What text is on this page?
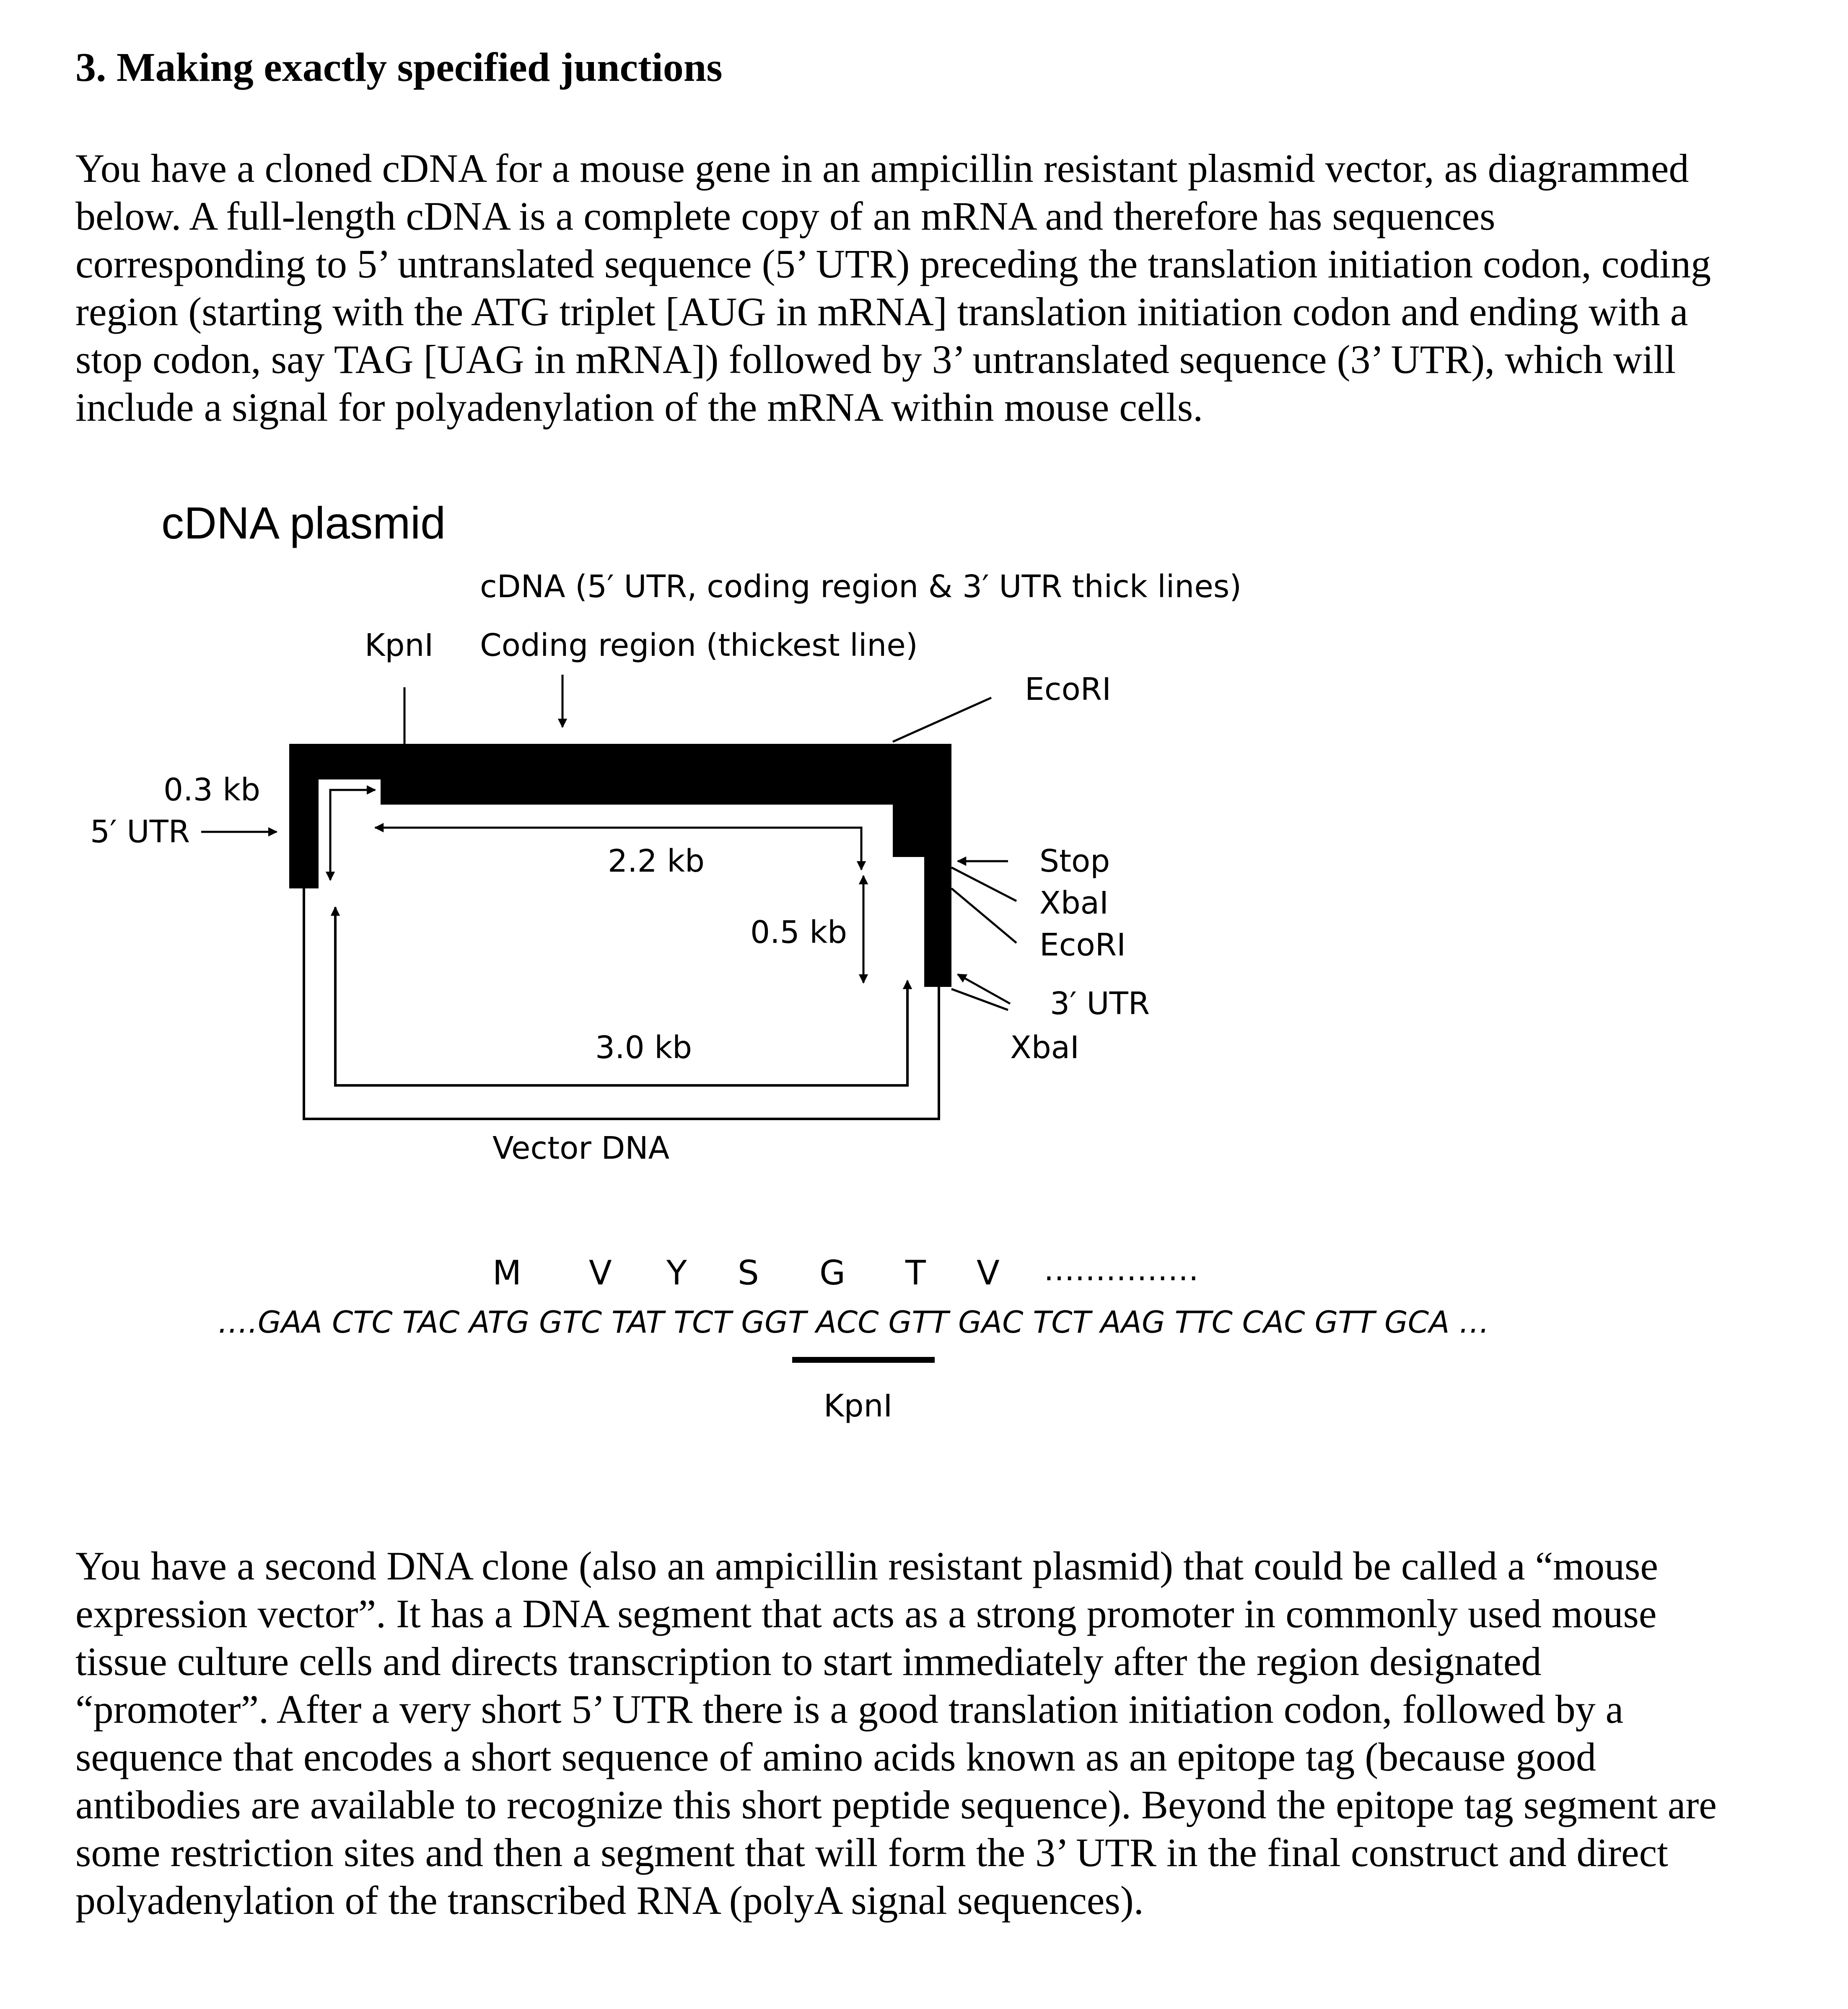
3. Making exactly specified junctions

You have a cloned cDNA for a mouse gene in an ampicillin resistant plasmid vector, as diagrammed
below. A full-length cDNA is a complete copy of an mRNA and therefore has sequences
corresponding to 5’ untranslated sequence (5’ UTR) preceding the translation initiation codon, coding
region (starting with the ATG triplet [AUG in mRNA] translation initiation codon and ending with a
stop codon, say TAG [UAG in mRNA]) followed by 3’ untranslated sequence (3’ UTR), which will
include a signal for polyadenylation of the mRNA within mouse cells.

cDNA plasmid
cDNA (5′ UTR, coding region & 3′ UTR thick lines)
KpnI Coding region (thickest line)
EcoRI
0.3 kb
5′ UTR
2.2 kb
0.5 kb
Stop
XbaI
EcoRI
3′ UTR
XbaI
3.0 kb
Vector DNA
M V Y S G T V ……………
….GAA CTC TAC ATG GTC TAT TCT GGT ACC GTT GAC TCT AAG TTC CAC GTT GCA …
KpnI

You have a second DNA clone (also an ampicillin resistant plasmid) that could be called a “mouse
expression vector”. It has a DNA segment that acts as a strong promoter in commonly used mouse
tissue culture cells and directs transcription to start immediately after the region designated
“promoter”. After a very short 5’ UTR there is a good translation initiation codon, followed by a
sequence that encodes a short sequence of amino acids known as an epitope tag (because good
antibodies are available to recognize this short peptide sequence). Beyond the epitope tag segment are
some restriction sites and then a segment that will form the 3’ UTR in the final construct and direct
polyadenylation of the transcribed RNA (polyA signal sequences).
